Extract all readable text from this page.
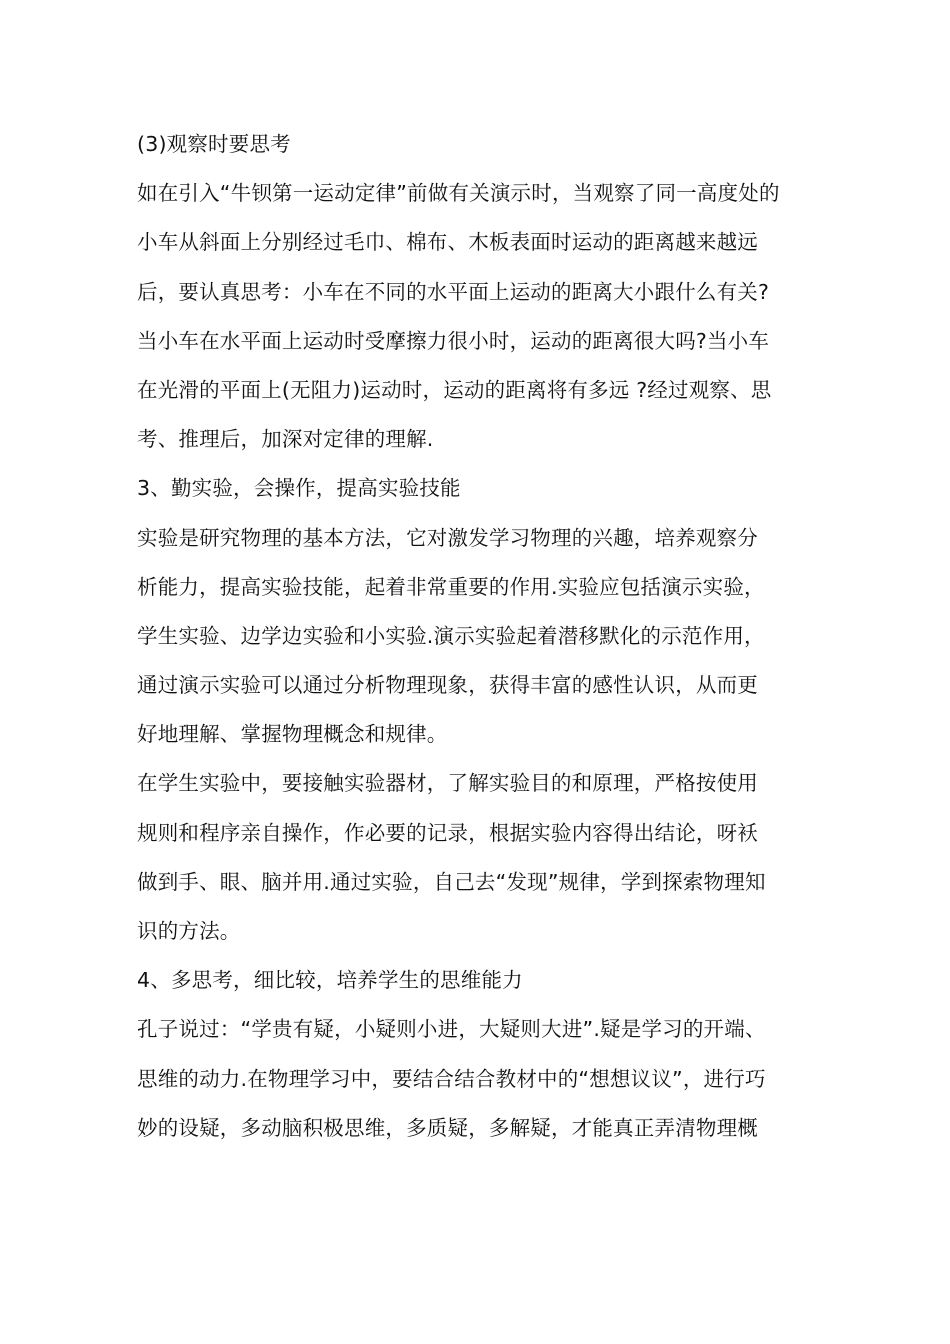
(3)观察时要思考
如在引入“牛钡第一运动定律”前做有关演示时，当观察了同一高度处的
小车从斜面上分别经过毛巾、棉布、木板表面时运动的距离越来越远
后，要认真思考：小车在不同的水平面上运动的距离大小跟什么有关?
当小车在水平面上运动时受摩擦力很小时，运动的距离很大吗?当小车
在光滑的平面上(无阻力)运动时，运动的距离将有多远 ?经过观察、思
考、推理后，加深对定律的理解.
3、勤实验，会操作，提高实验技能
实验是研究物理的基本方法，它对激发学习物理的兴趣，培养观察分
析能力，提高实验技能，起着非常重要的作用.实验应包括演示实验，
学生实验、边学边实验和小实验.演示实验起着潜移默化的示范作用，
通过演示实验可以通过分析物理现象，获得丰富的感性认识，从而更
好地理解、掌握物理概念和规律。
在学生实验中，要接触实验器材，了解实验目的和原理，严格按使用
规则和程序亲自操作，作必要的记录，根据实验内容得出结论，呀袄
做到手、眼、脑并用.通过实验，自己去“发现”规律，学到探索物理知
识的方法。
4、多思考，细比较，培养学生的思维能力
孔子说过：“学贵有疑，小疑则小进，大疑则大进”.疑是学习的开端、
思维的动力.在物理学习中，要结合结合教材中的“想想议议”，进行巧
妙的设疑，多动脑积极思维，多质疑，多解疑，才能真正弄清物理概
